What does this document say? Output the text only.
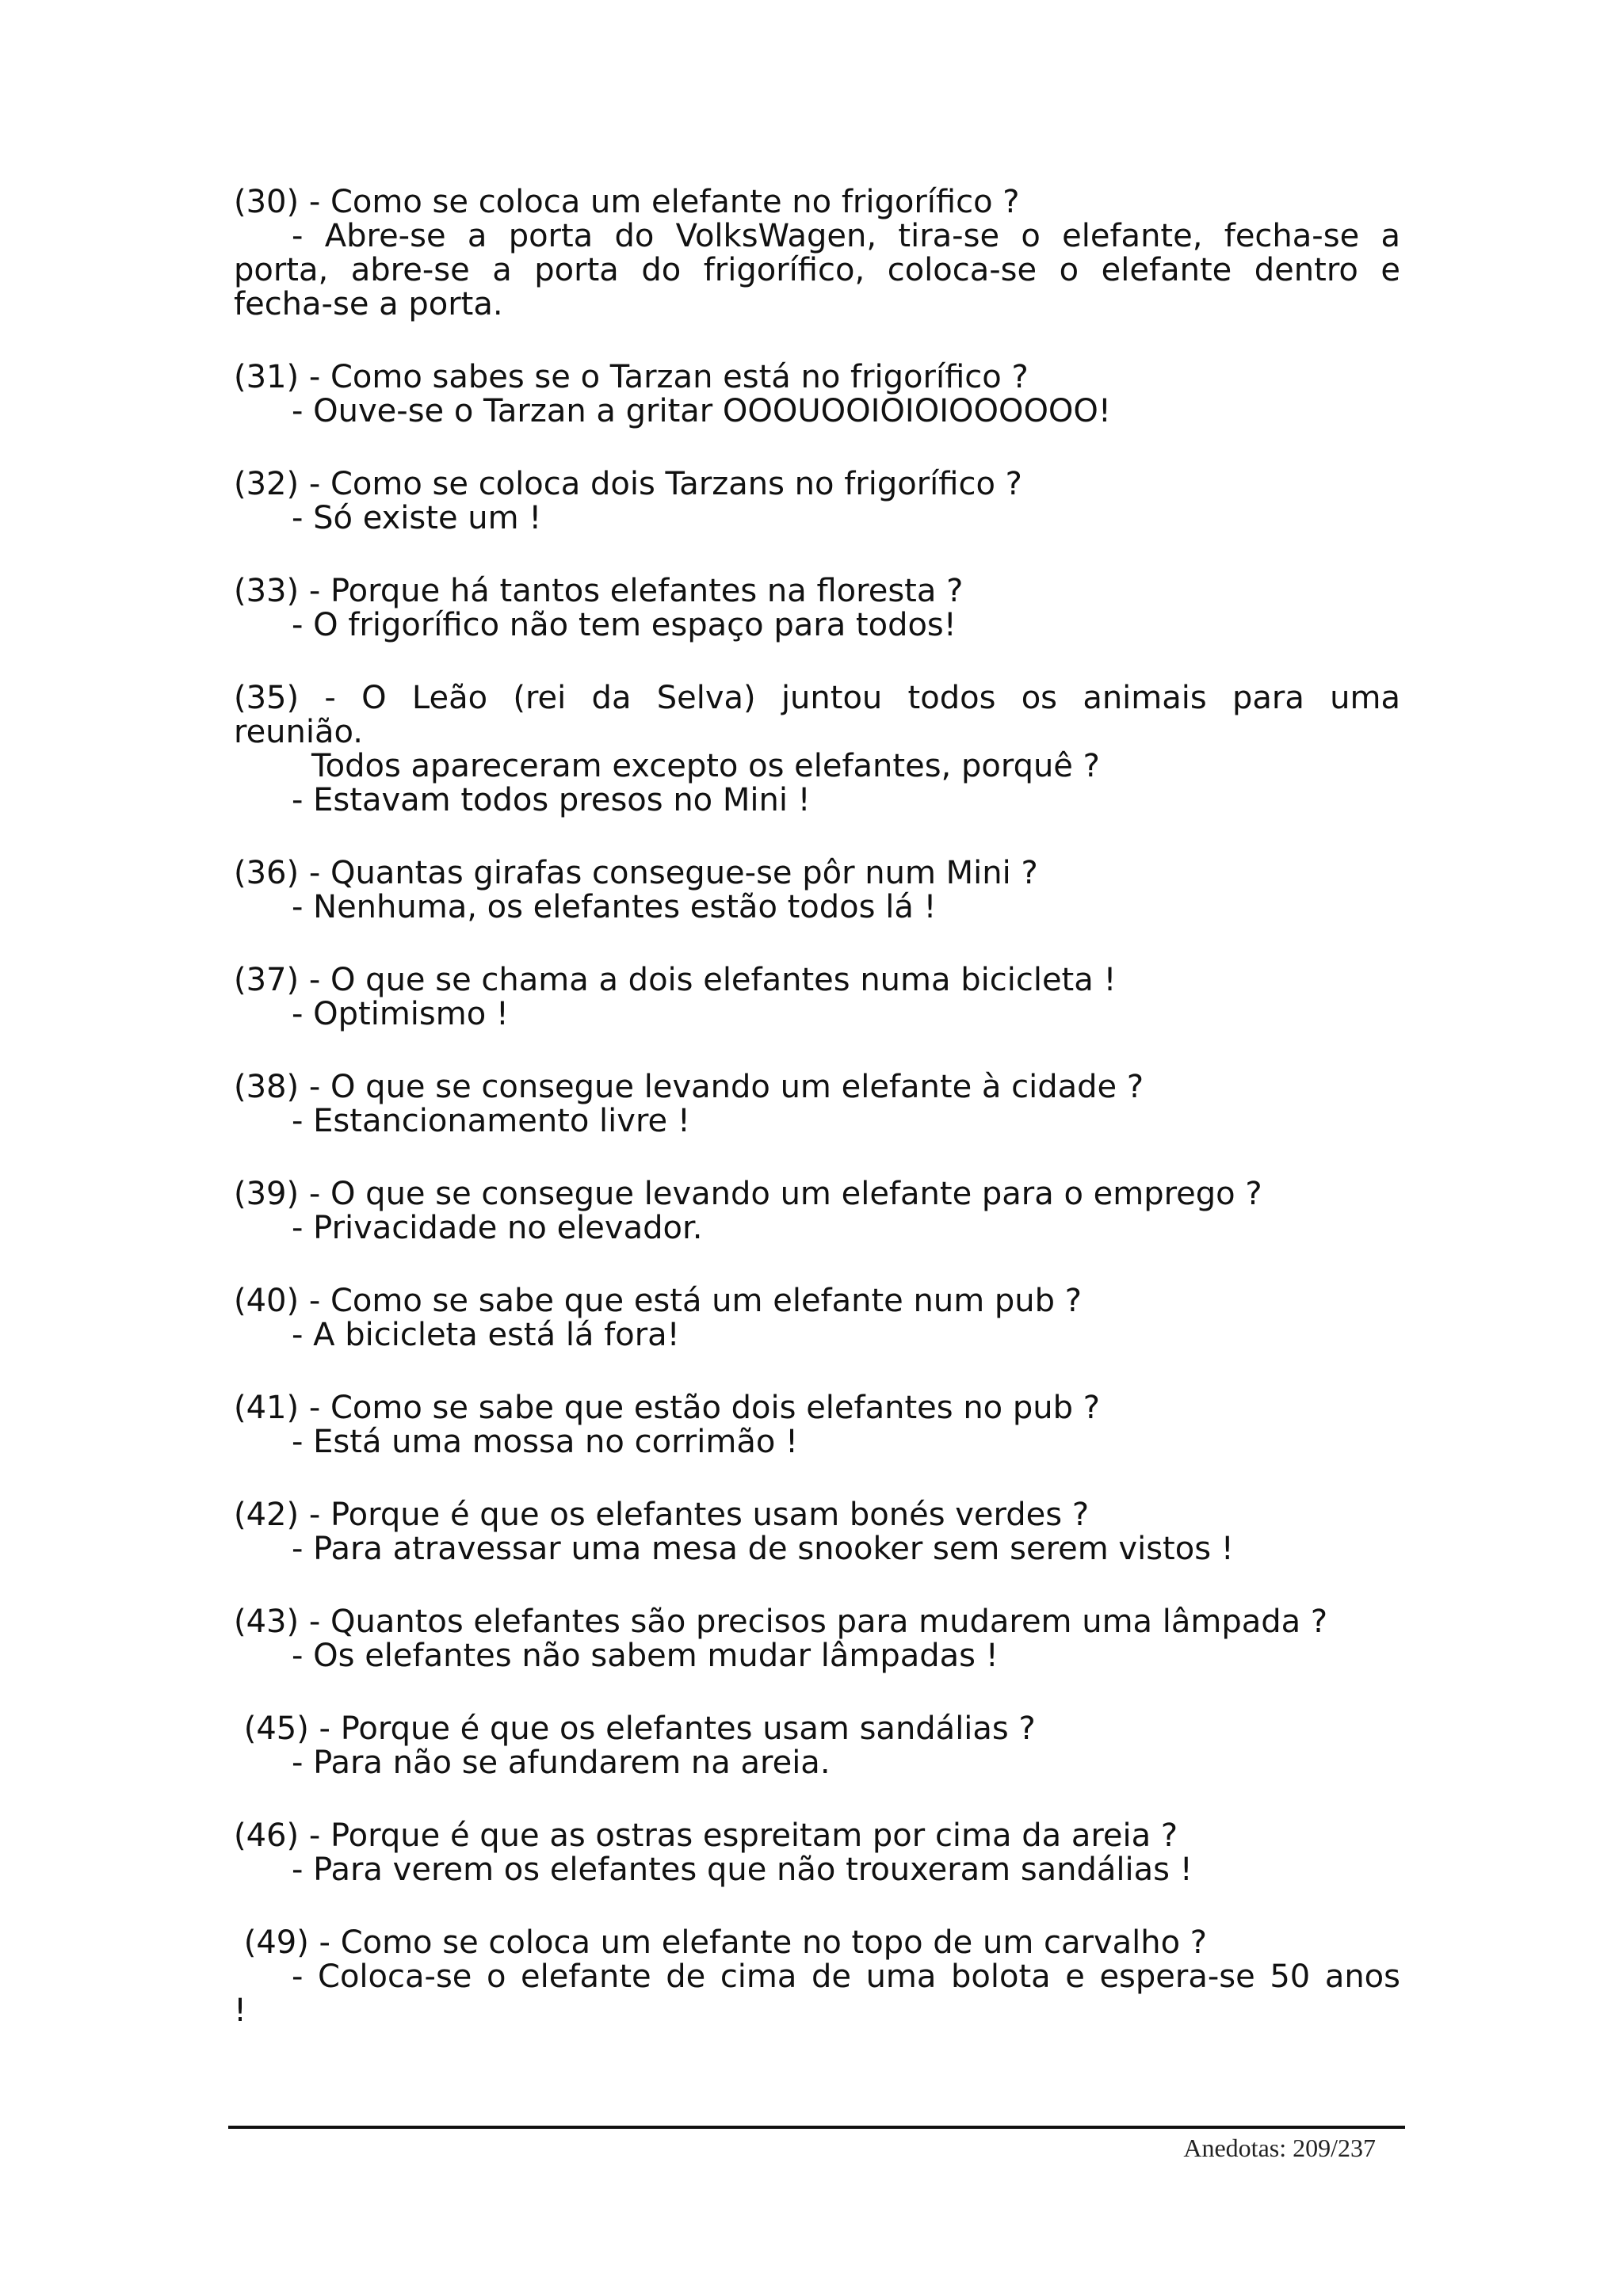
(30) - Como se coloca um elefante no frigorífico ?
- Abre-se a porta do VolksWagen, tira-se o elefante, fecha-se a
porta, abre-se a porta do frigorífico, coloca-se o elefante dentro e
fecha-se a porta.
(31) - Como sabes se o Tarzan está no frigorífico ?
- Ouve-se o Tarzan a gritar OOOUOOIOIOIOOOOOO!
(32) - Como se coloca dois Tarzans no frigorífico ?
- Só existe um !
(33) - Porque há tantos elefantes na floresta ?
- O frigorífico não tem espaço para todos!
(35) - O Leão (rei da Selva) juntou todos os animais para uma
reunião.
Todos apareceram excepto os elefantes, porquê ?
- Estavam todos presos no Mini !
(36) - Quantas girafas consegue-se pôr num Mini ?
- Nenhuma, os elefantes estão todos lá !
(37) - O que se chama a dois elefantes numa bicicleta !
- Optimismo !
(38) - O que se consegue levando um elefante à cidade ?
- Estancionamento livre !
(39) - O que se consegue levando um elefante para o emprego ?
- Privacidade no elevador.
(40) - Como se sabe que está um elefante num pub ?
- A bicicleta está lá fora!
(41) - Como se sabe que estão dois elefantes no pub ?
- Está uma mossa no corrimão !
(42) - Porque é que os elefantes usam bonés verdes ?
- Para atravessar uma mesa de snooker sem serem vistos !
(43) - Quantos elefantes são precisos para mudarem uma lâmpada ?
- Os elefantes não sabem mudar lâmpadas !
(45) - Porque é que os elefantes usam sandálias ?
- Para não se afundarem na areia.
(46) - Porque é que as ostras espreitam por cima da areia ?
- Para verem os elefantes que não trouxeram sandálias !
(49) - Como se coloca um elefante no topo de um carvalho ?
- Coloca-se o elefante de cima de uma bolota e espera-se 50 anos
!
Anedotas: 209/237
